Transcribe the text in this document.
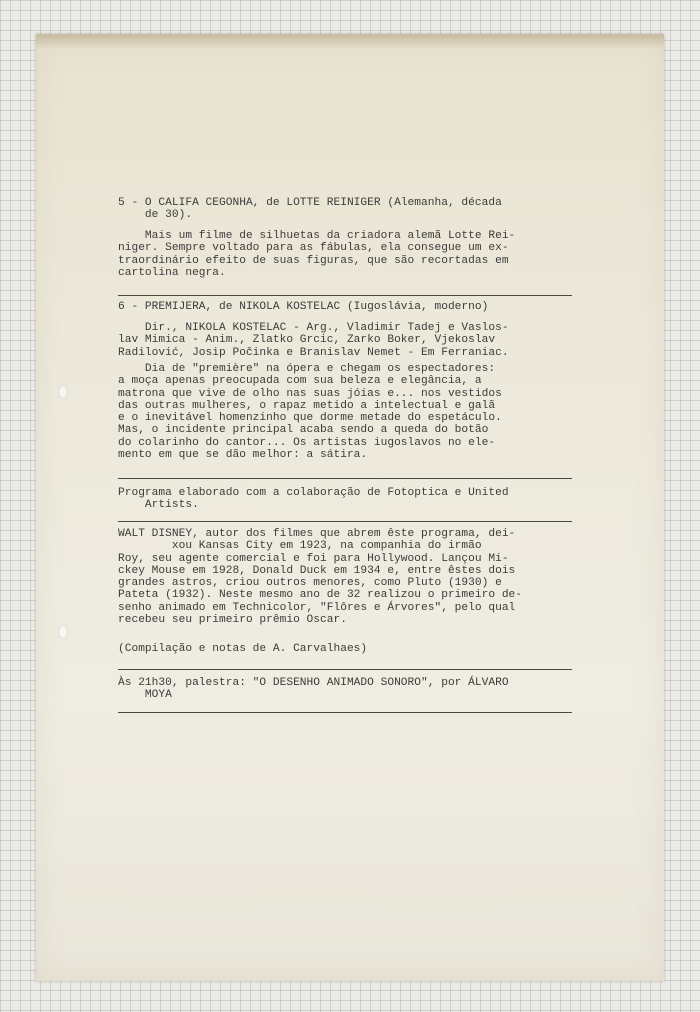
5 - O CALIFA CEGONHA, de LOTTE REINIGER (Alemanha, década
de 30).
Mais um filme de silhuetas da criadora alemã Lotte Rei-
niger. Sempre voltado para as fábulas, ela consegue um ex-
traordinário efeito de suas figuras, que são recortadas em
cartolina negra.
6 - PREMIJERA, de NIKOLA KOSTELAC (Iugoslávia, moderno)
Dir., NIKOLA KOSTELAC - Arg., Vladimir Tadej e Vaslos-
lav Mimica - Anim., Zlatko Grcic, Zarko Boker, Vjekoslav
Radilović, Josip Počinka e Branislav Nemet - Em Ferraniac.
Dia de "première" na ópera e chegam os espectadores:
a moça apenas preocupada com sua beleza e elegância, a
matrona que vive de olho nas suas jóias e... nos vestidos
das outras mulheres, o rapaz metido a intelectual e galã
e o inevitável homenzinho que dorme metade do espetáculo.
Mas, o incidente principal acaba sendo a queda do botão
do colarinho do cantor... Os artistas iugoslavos no ele-
mento em que se dão melhor: a sátira.
Programa elaborado com a colaboração de Fotoptica e United
Artists.
WALT DISNEY, autor dos filmes que abrem êste programa, dei-
xou Kansas City em 1923, na companhia do irmão
Roy, seu agente comercial e foi para Hollywood. Lançou Mi-
ckey Mouse em 1928, Donald Duck em 1934 e, entre êstes dois
grandes astros, criou outros menores, como Pluto (1930) e
Pateta (1932). Neste mesmo ano de 32 realizou o primeiro de-
senho animado em Technicolor, "Flôres e Árvores", pelo qual
recebeu seu primeiro prêmio Oscar.
(Compilação e notas de A. Carvalhaes)
Às 21h30, palestra: "O DESENHO ANIMADO SONORO", por ÁLVARO
MOYA
